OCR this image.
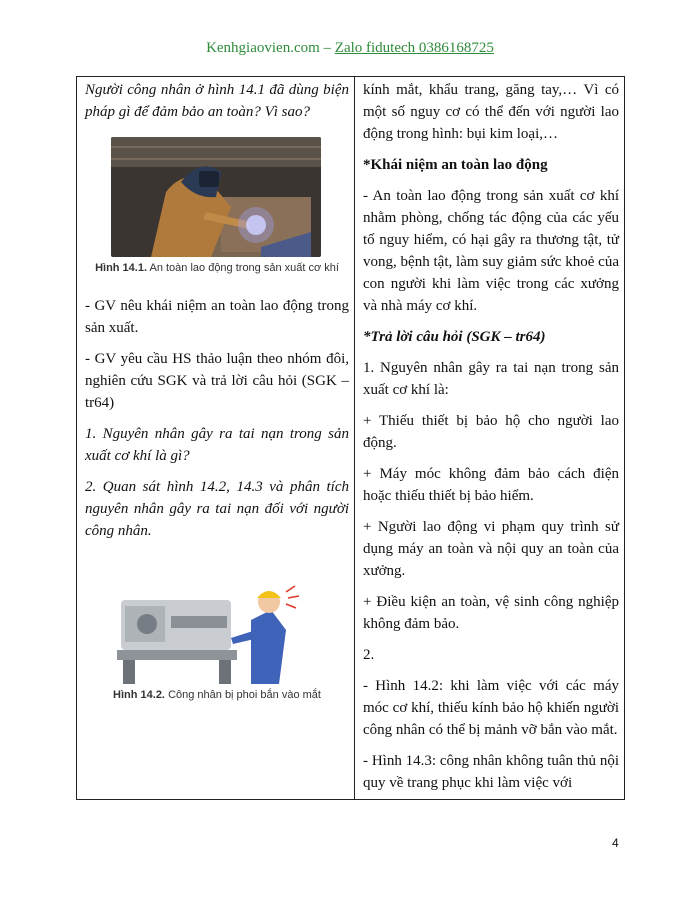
Kenhgiaovien.com – Zalo fidutech 0386168725

Người công nhân ở hình 14.1 đã dùng biện pháp gì để đảm bảo an toàn? Vì sao?

Hình 14.1. An toàn lao động trong sản xuất cơ khí

- GV nêu khái niệm an toàn lao động trong sản xuất.

- GV yêu cầu HS thảo luận theo nhóm đôi, nghiên cứu SGK và trả lời câu hỏi (SGK – tr64)

1. Nguyên nhân gây ra tai nạn trong sản xuất cơ khí là gì?

2. Quan sát hình 14.2, 14.3 và phân tích nguyên nhân gây ra tai nạn đối với người công nhân.

Hình 14.2. Công nhân bị phoi bắn vào mắt

kính mắt, khẩu trang, găng tay,… Vì có một số nguy cơ có thể đến với người lao động trong hình: bụi kim loại,…

*Khái niệm an toàn lao động

- An toàn lao động trong sản xuất cơ khí nhằm phòng, chống tác động của các yếu tố nguy hiểm, có hại gây ra thương tật, tử vong, bệnh tật, làm suy giảm sức khoẻ của con người khi làm việc trong các xưởng và nhà máy cơ khí.

*Trả lời câu hỏi (SGK – tr64)

1. Nguyên nhân gây ra tai nạn trong sản xuất cơ khí là:

+ Thiếu thiết bị bảo hộ cho người lao động.

+ Máy móc không đảm bảo cách điện hoặc thiếu thiết bị bảo hiểm.

+ Người lao động vi phạm quy trình sử dụng máy an toàn và nội quy an toàn của xưởng.

+ Điều kiện an toàn, vệ sinh công nghiệp không đảm bảo.

2.

- Hình 14.2: khi làm việc với các máy móc cơ khí, thiếu kính bảo hộ khiến người công nhân có thể bị mảnh vỡ bắn vào mắt.

- Hình 14.3: công nhân không tuân thủ nội quy về trang phục khi làm việc với

4
